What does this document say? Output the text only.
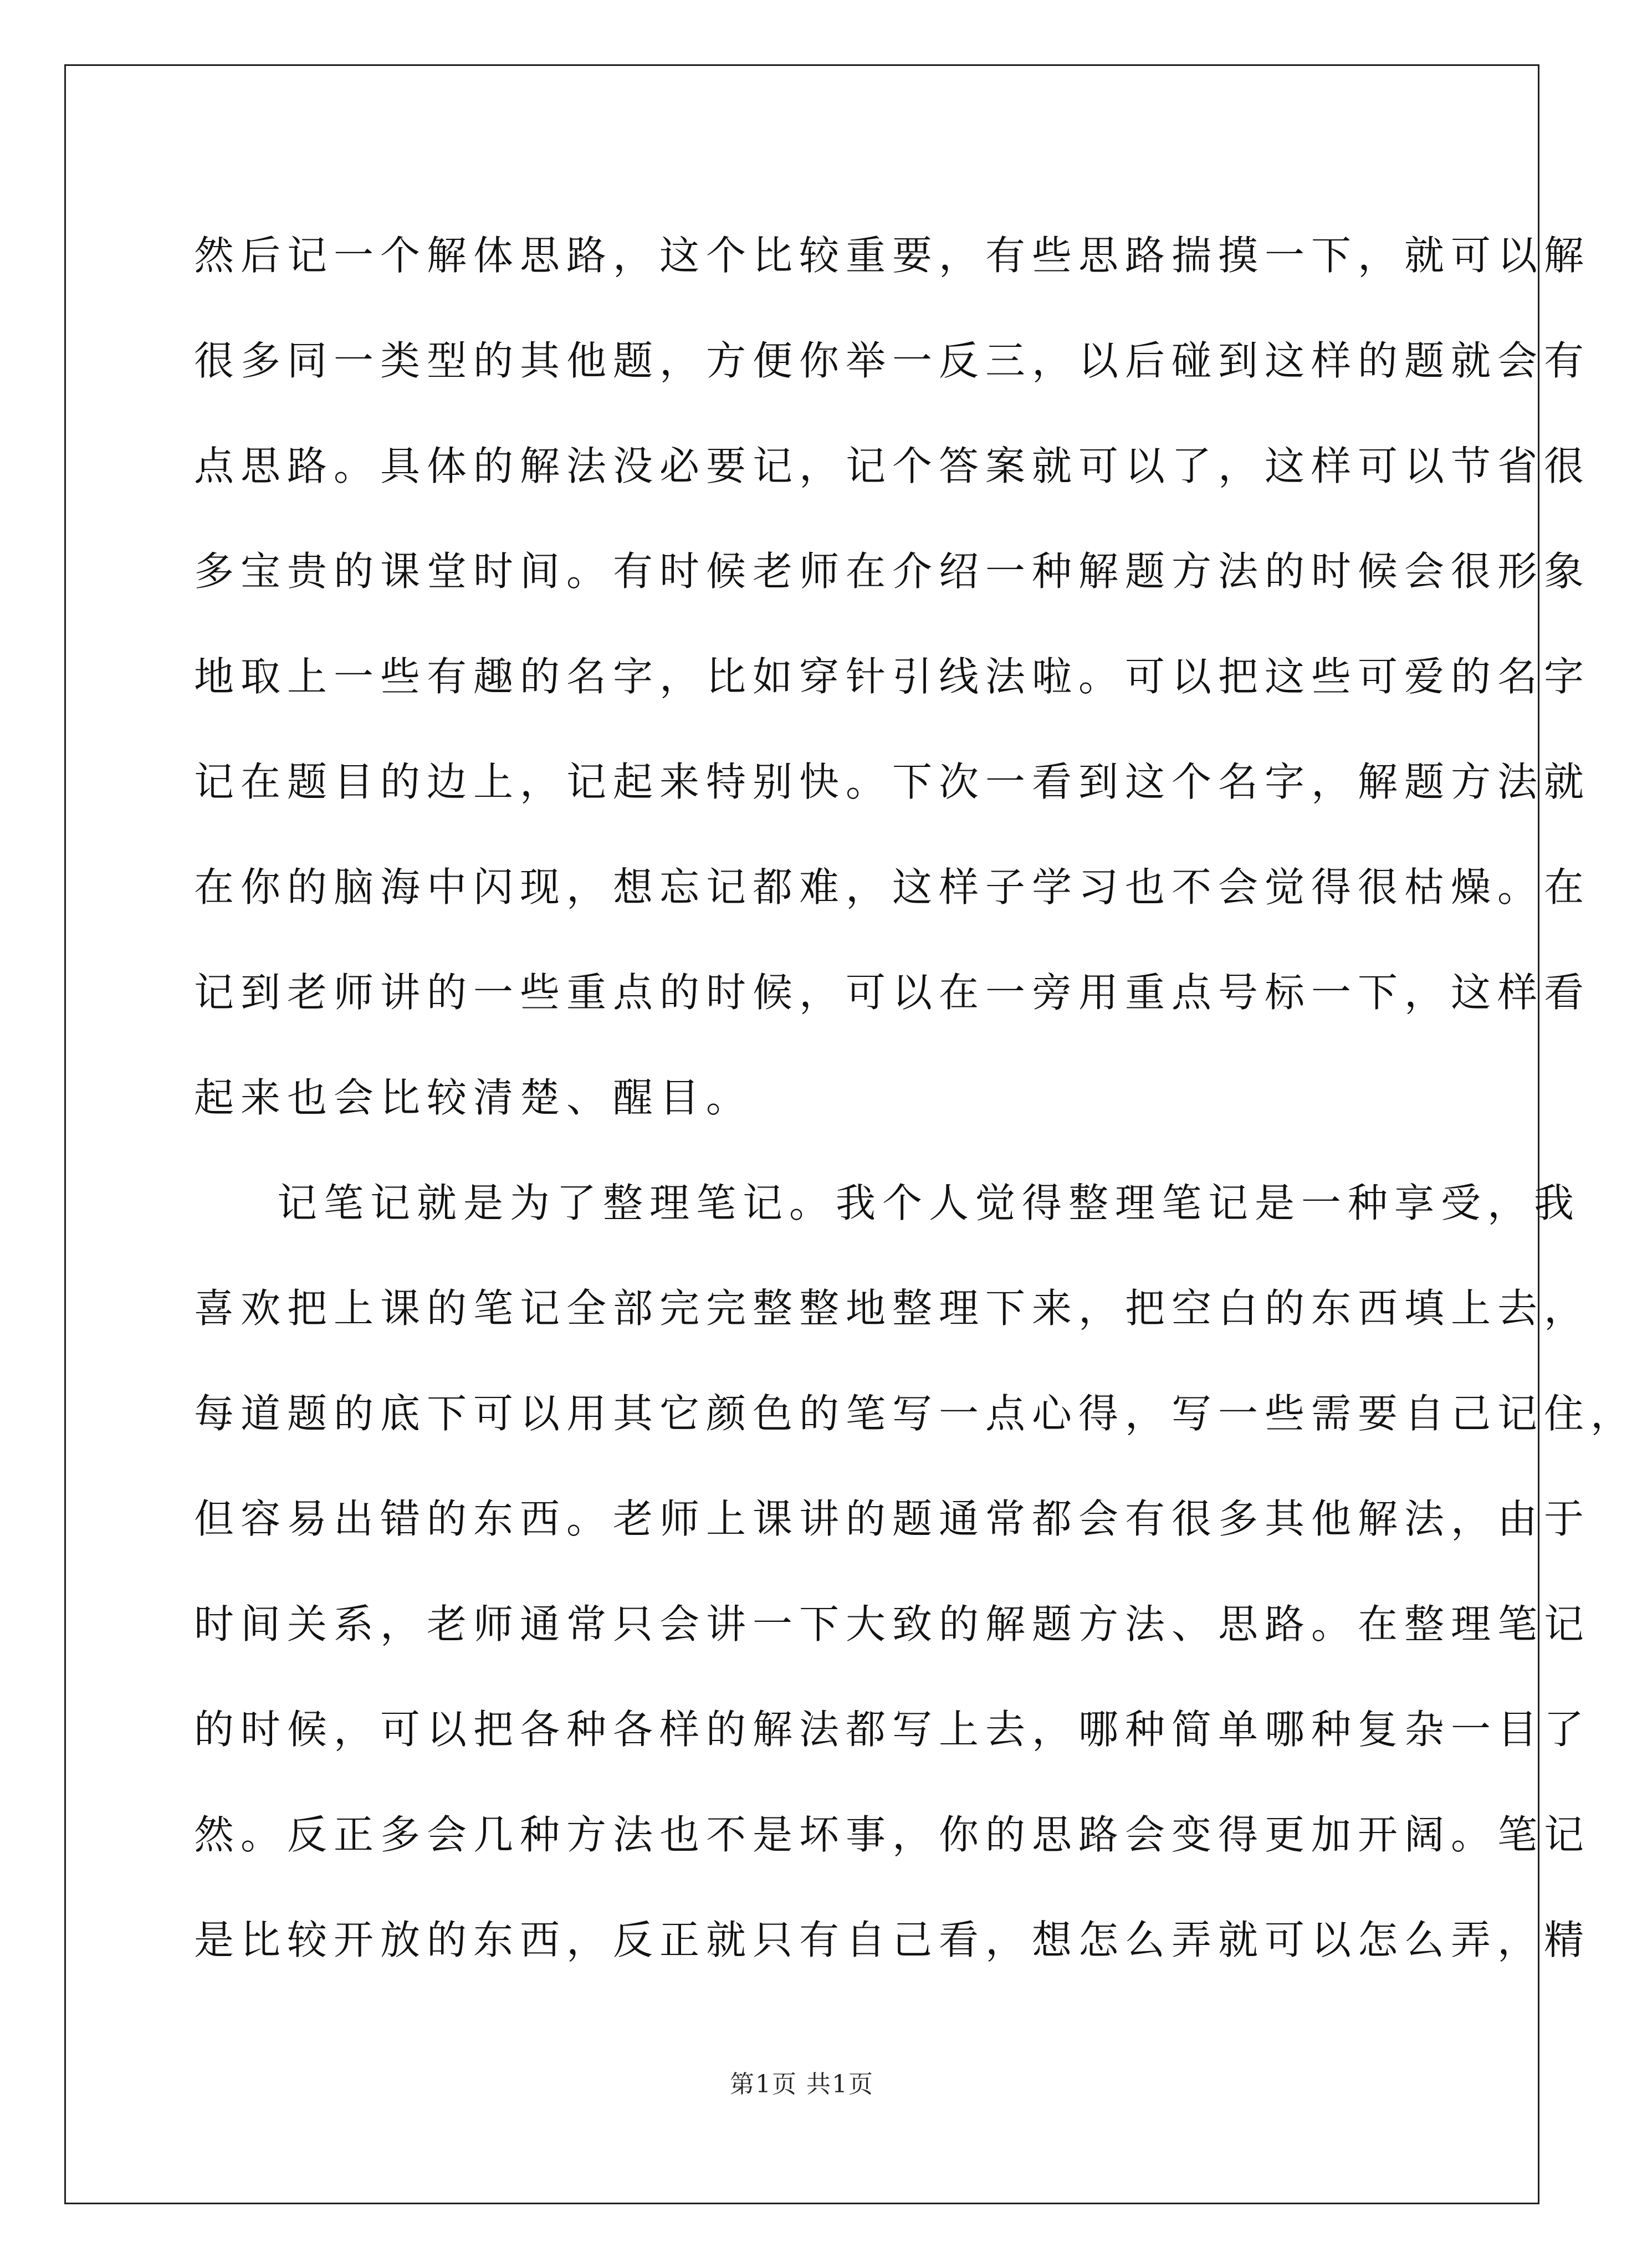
然后记一个解体思路，这个比较重要，有些思路揣摸一下，就可以解
很多同一类型的其他题，方便你举一反三，以后碰到这样的题就会有
点思路。具体的解法没必要记，记个答案就可以了，这样可以节省很
多宝贵的课堂时间。有时候老师在介绍一种解题方法的时候会很形象
地取上一些有趣的名字，比如穿针引线法啦。可以把这些可爱的名字
记在题目的边上，记起来特别快。下次一看到这个名字，解题方法就
在你的脑海中闪现，想忘记都难，这样子学习也不会觉得很枯燥。在
记到老师讲的一些重点的时候，可以在一旁用重点号标一下，这样看
起来也会比较清楚、醒目。
记笔记就是为了整理笔记。我个人觉得整理笔记是一种享受，我
喜欢把上课的笔记全部完完整整地整理下来，把空白的东西填上去，
每道题的底下可以用其它颜色的笔写一点心得，写一些需要自己记住，
但容易出错的东西。老师上课讲的题通常都会有很多其他解法，由于
时间关系，老师通常只会讲一下大致的解题方法、思路。在整理笔记
的时候，可以把各种各样的解法都写上去，哪种简单哪种复杂一目了
然。反正多会几种方法也不是坏事，你的思路会变得更加开阔。笔记
是比较开放的东西，反正就只有自己看，想怎么弄就可以怎么弄，精
第1页 共1页
